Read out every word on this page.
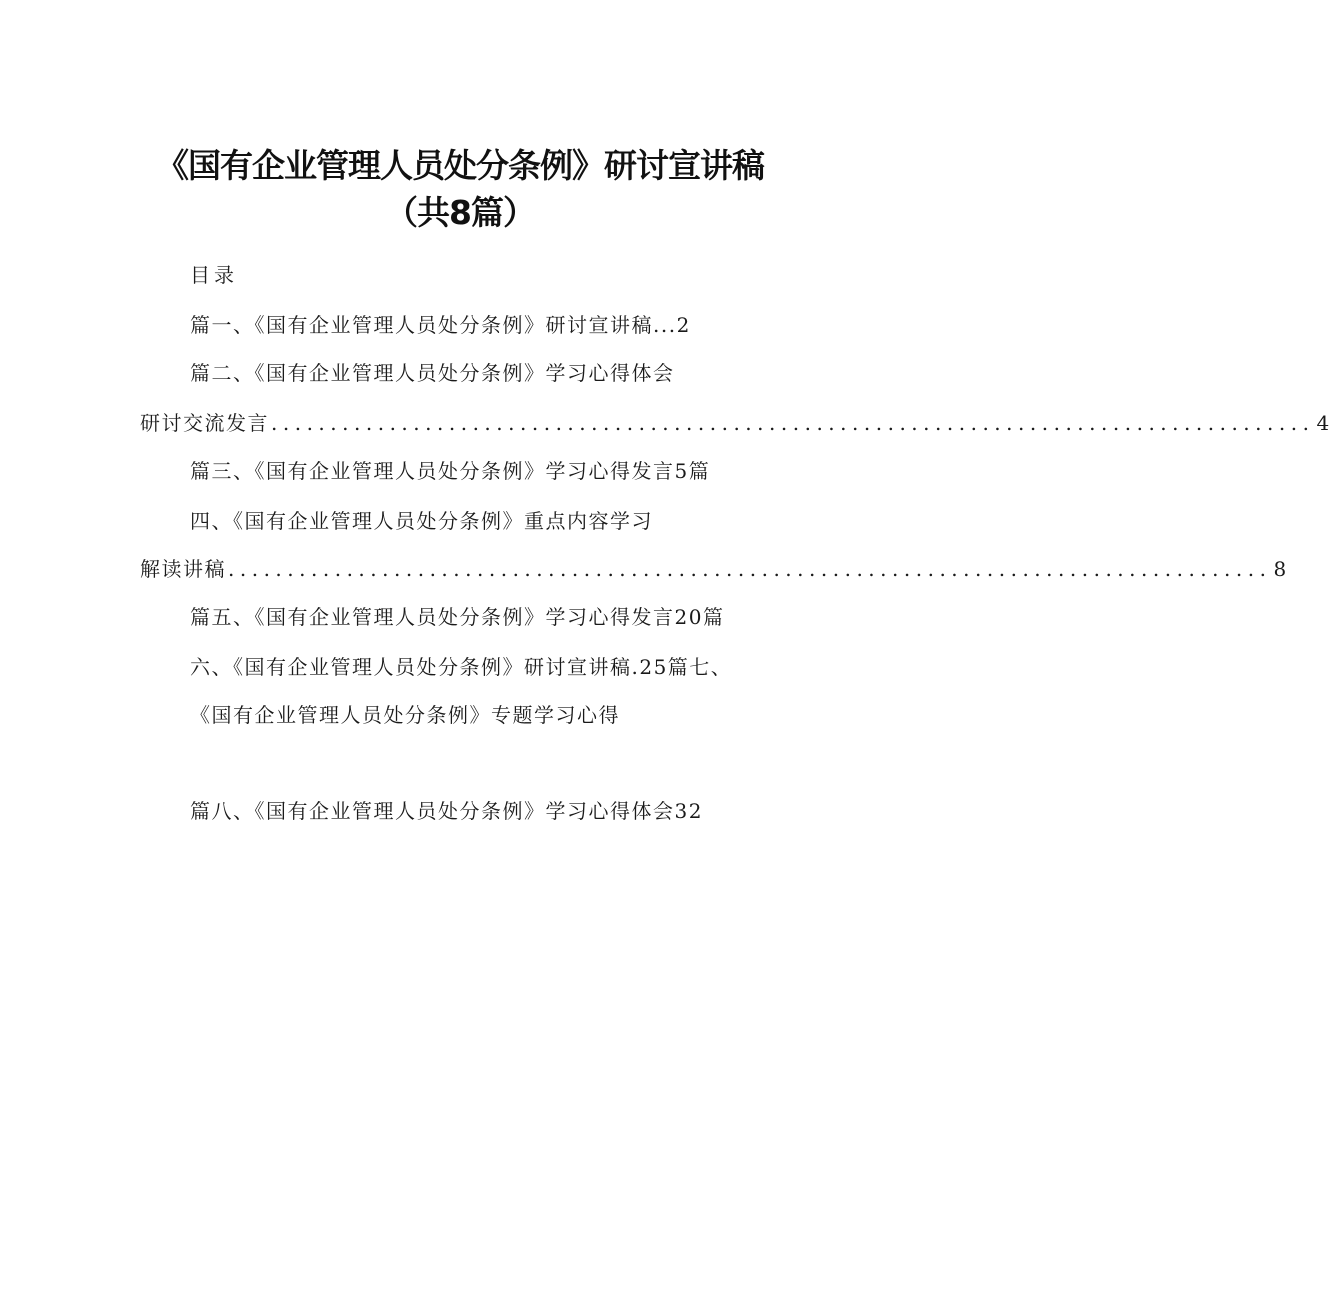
《国有企业管理人员处分条例》研讨宣讲稿
（共8篇）
目录
篇一、《国有企业管理人员处分条例》研讨宣讲稿...2
篇二、《国有企业管理人员处分条例》学习心得体会
研讨交流发言 ........................................................................................ 4
篇三、《国有企业管理人员处分条例》学习心得发言5篇
四、《国有企业管理人员处分条例》重点内容学习
解读讲稿 ........................................................................................ 8
篇五、《国有企业管理人员处分条例》学习心得发言20篇
六、《国有企业管理人员处分条例》研讨宣讲稿.25篇七、
《国有企业管理人员处分条例》专题学习心得
篇八、《国有企业管理人员处分条例》学习心得体会32
